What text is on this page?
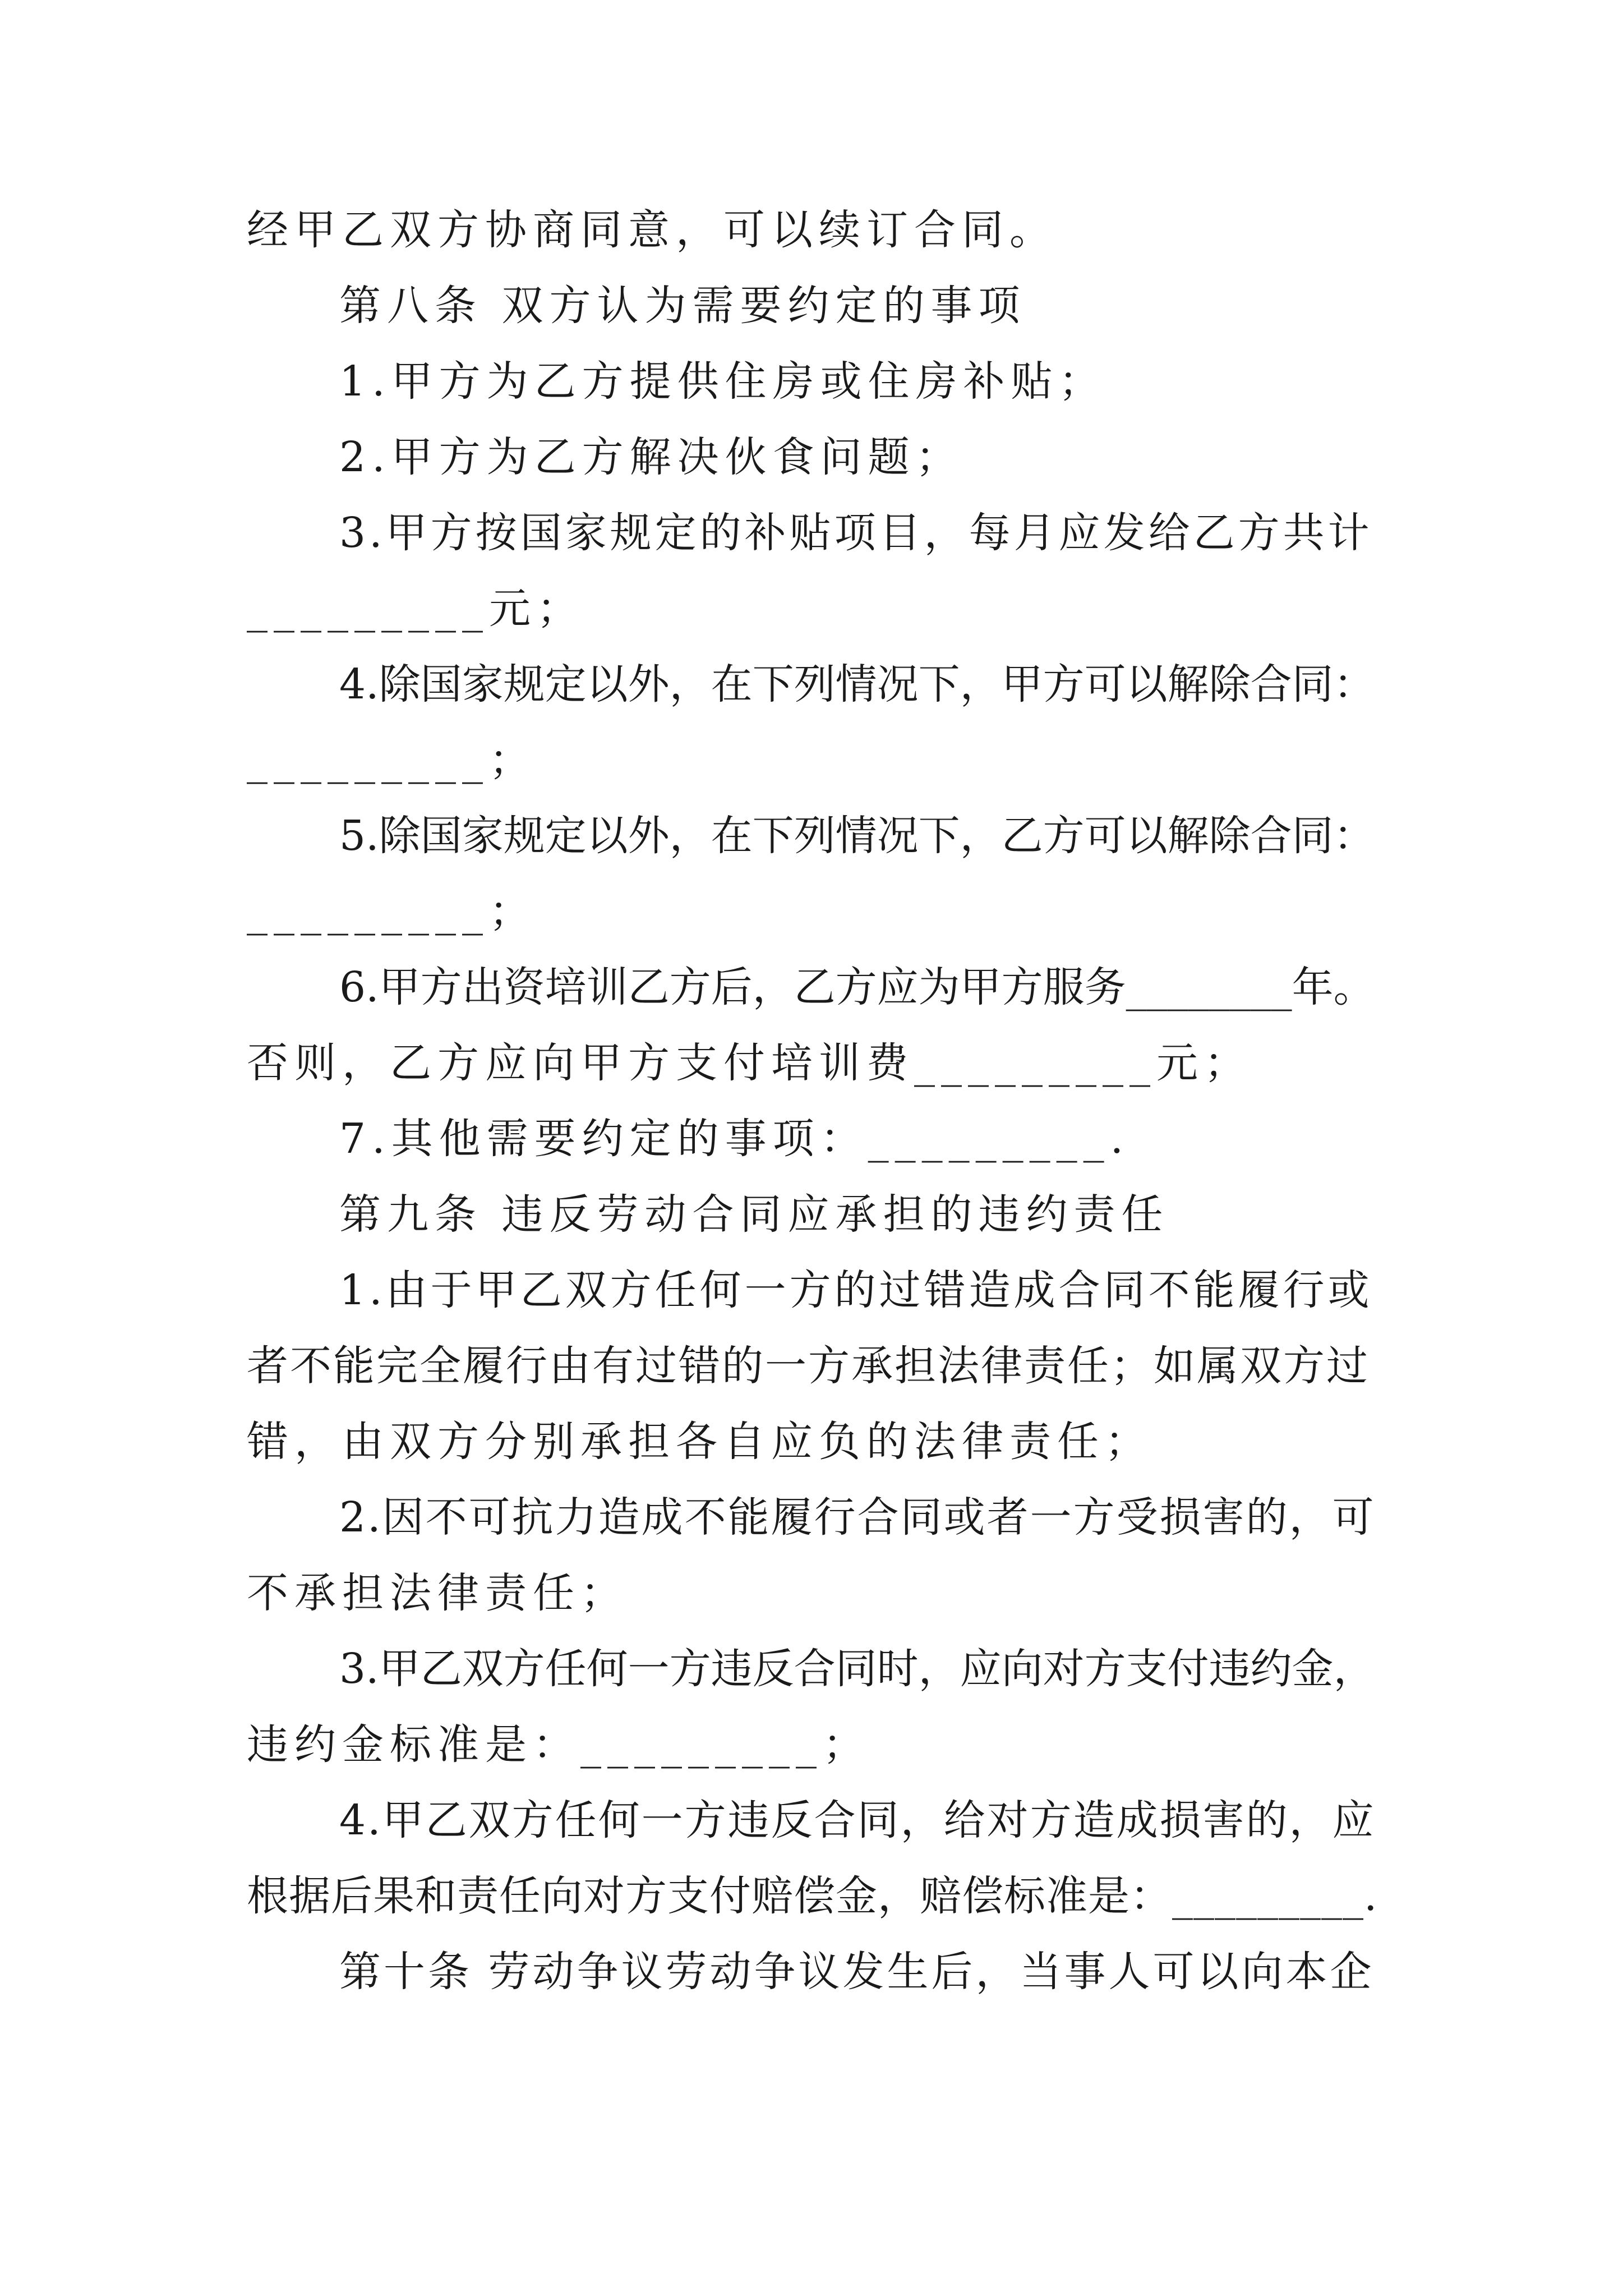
经甲乙双方协商同意，可以续订合同。

第八条 双方认为需要约定的事项

1.甲方为乙方提供住房或住房补贴；

2.甲方为乙方解决伙食问题；

3.甲方按国家规定的补贴项目，每月应发给乙方共计

_________元；

4.除国家规定以外，在下列情况下，甲方可以解除合同：

_________；

5.除国家规定以外，在下列情况下，乙方可以解除合同：

_________；

6.甲方出资培训乙方后，乙方应为甲方服务________年。

否则，乙方应向甲方支付培训费_________元；

7.其他需要约定的事项：_________.

第九条 违反劳动合同应承担的违约责任

1.由于甲乙双方任何一方的过错造成合同不能履行或

者不能完全履行由有过错的一方承担法律责任；如属双方过

错，由双方分别承担各自应负的法律责任；

2.因不可抗力造成不能履行合同或者一方受损害的，可

不承担法律责任；

3.甲乙双方任何一方违反合同时，应向对方支付违约金，

违约金标准是：_________；

4.甲乙双方任何一方违反合同，给对方造成损害的，应

根据后果和责任向对方支付赔偿金，赔偿标准是：_________.

第十条 劳动争议劳动争议发生后，当事人可以向本企
